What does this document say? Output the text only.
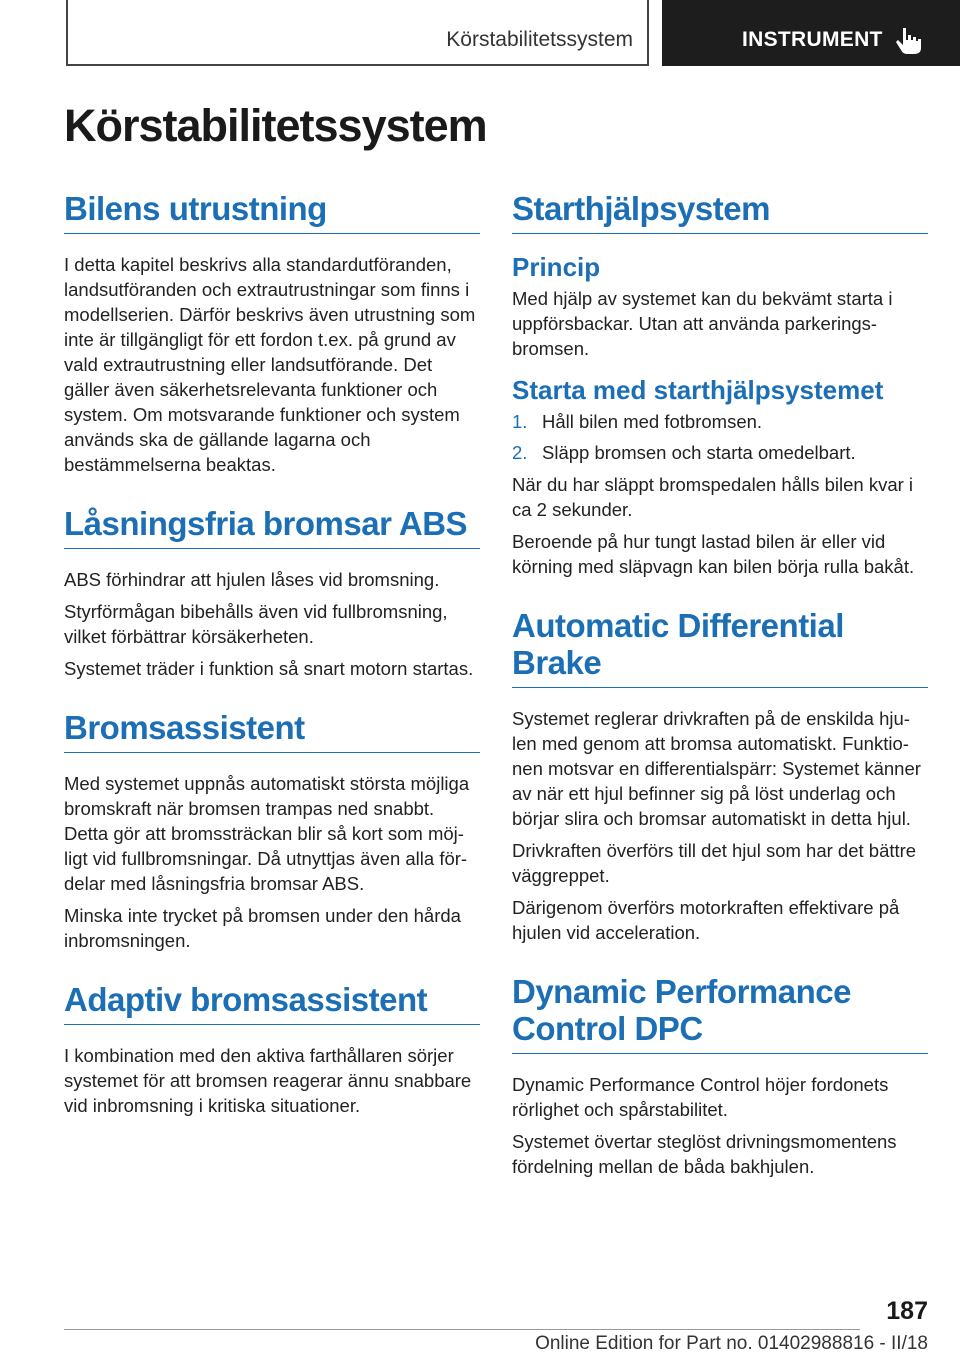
Körstabilitetssystem	INSTRUMENT
Körstabilitetssystem
Bilens utrustning

I detta kapitel beskrivs alla standardutföranden, landsutföranden och extrautrustningar som finns i modellserien. Därför beskrivs även utrustning som inte är tillgängligt för ett fordon t.ex. på grund av vald extrautrustning eller landsutförande. Det gäller även säkerhetsrelevanta funktioner och system. Om motsvarande funktioner och system används ska de gällande lagarna och bestämmelserna beaktas.

Låsningsfria bromsar ABS

ABS förhindrar att hjulen låses vid bromsning.

Styrförmågan bibehålls även vid fullbromsning, vilket förbättrar körsäkerheten.

Systemet träder i funktion så snart motorn startas.

Bromsassistent

Med systemet uppnås automatiskt största möjliga bromskraft när bromsen trampas ned snabbt. Detta gör att bromssträckan blir så kort som möjligt vid fullbromsningar. Då utnyttjas även alla fördelar med låsningsfria bromsar ABS.

Minska inte trycket på bromsen under den hårda inbromsningen.

Adaptiv bromsassistent

I kombination med den aktiva farthållaren sörjer systemet för att bromsen reagerar ännu snabbare vid inbromsning i kritiska situationer.

Starthjälpsystem
Princip

Med hjälp av systemet kan du bekvämt starta i uppförsbackar. Utan att använda parkeringsbromsen.

Starta med starthjälpsystemet
1. Håll bilen med fotbromsen.
2. Släpp bromsen och starta omedelbart.

När du har släppt bromspedalen hålls bilen kvar i ca 2 sekunder.

Beroende på hur tungt lastad bilen är eller vid körning med släpvagn kan bilen börja rulla bakåt.

Automatic Differential Brake

Systemet reglerar drivkraften på de enskilda hjulen med genom att bromsa automatiskt. Funktionen motsvar en differentialspärr: Systemet känner av när ett hjul befinner sig på löst underlag och börjar slira och bromsar automatiskt in detta hjul.

Drivkraften överförs till det hjul som har det bättre väggreppet.

Därigenom överförs motorkraften effektivare på hjulen vid acceleration.

Dynamic Performance Control DPC

Dynamic Performance Control höjer fordonets rörlighet och spårstabilitet.

Systemet övertar steglöst drivningsmomentens fördelning mellan de båda bakhjulen.

187
Online Edition for Part no. 01402988816 - II/18
